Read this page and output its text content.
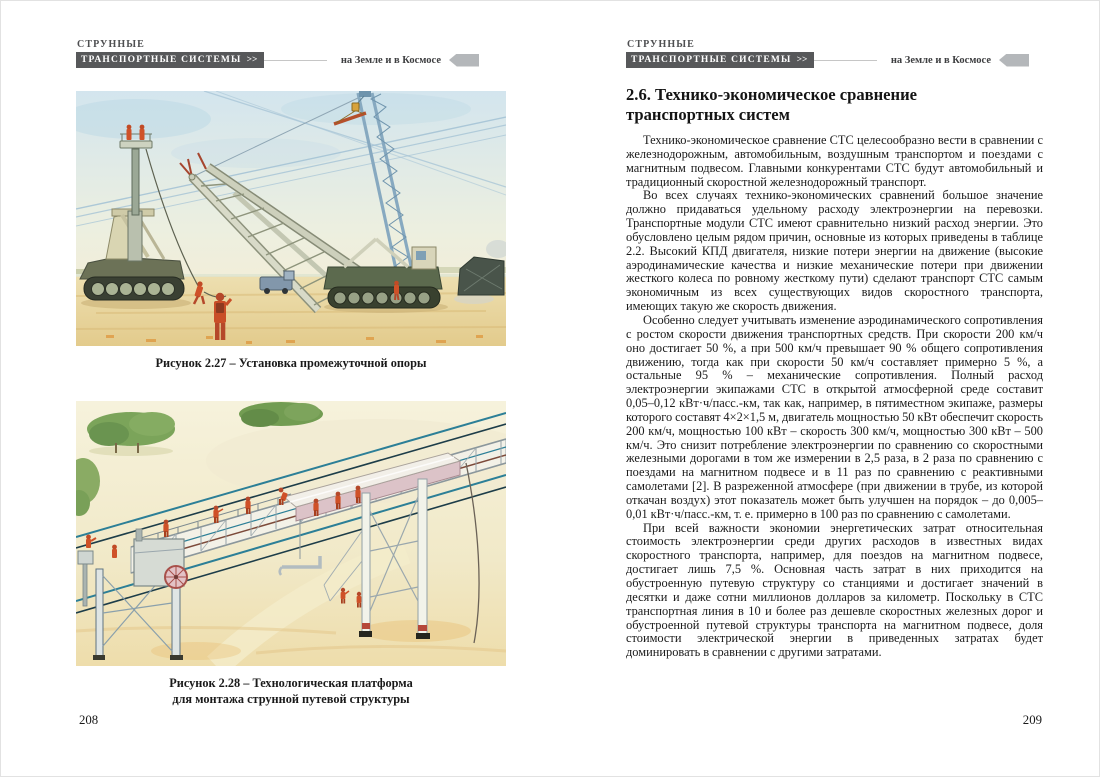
СТРУННЫЕ
ТРАНСПОРТНЫЕ СИСТЕМЫ >>	на Земле и в Космосе
Рисунок 2.27 – Установка промежуточной опоры
Рисунок 2.28 – Технологическая платформа
для монтажа струнной путевой структуры
208
СТРУННЫЕ
ТРАНСПОРТНЫЕ СИСТЕМЫ >>	на Земле и в Космосе
2.6. Технико-экономическое сравнение
транспортных систем

Технико-экономическое сравнение СТС целесообразно вести в сравнении с железнодорожным, автомобильным, воздушным транспортом и поездами с магнитным подвесом. Главными конкурентами СТС будут автомобильный и традиционный скоростной железнодорожный транспорт.

Во всех случаях технико-экономических сравнений большое значение должно придаваться удельному расходу электроэнергии на перевозки. Транспортные модули СТС имеют сравнительно низкий расход энергии. Это обусловлено целым рядом причин, основные из которых приведены в таблице 2.2. Высокий КПД двигателя, низкие потери энергии на движение (высокие аэродинамические качества и низкие механические потери при движении жесткого колеса по ровному жесткому пути) сделают транспорт СТС самым экономичным из всех существующих видов скоростного транспорта, имеющих такую же скорость движения.

Особенно следует учитывать изменение аэродинамического сопротивления с ростом скорости движения транспортных средств. При скорости 200 км/ч оно достигает 50 %, а при 500 км/ч превышает 90 % общего сопротивления движению, тогда как при скорости 50 км/ч составляет примерно 5 %, а остальные 95 % – механические сопротивления. Полный расход электроэнергии экипажами СТС в открытой атмосферной среде составит 0,05–0,12 кВт·ч/пасс.-км, так как, например, в пятиместном экипаже, размеры которого составят 4×2×1,5 м, двигатель мощностью 50 кВт обеспечит скорость 200 км/ч, мощностью 100 кВт – скорость 300 км/ч, мощностью 300 кВт – 500 км/ч. Это снизит потребление электроэнергии по сравнению со скоростными железными дорогами в том же измерении в 2,5 раза, в 2 раза по сравнению с поездами на магнитном подвесе и в 11 раз по сравнению с реактивными самолетами [2]. В разреженной атмосфере (при движении в трубе, из которой откачан воздух) этот показатель может быть улучшен на порядок – до 0,005–0,01 кВт·ч/пасс.-км, т. е. примерно в 100 раз по сравнению с самолетами.

При всей важности экономии энергетических затрат относительная стоимость электроэнергии среди других расходов в известных видах скоростного транспорта, например, для поездов на магнитном подвесе, достигает лишь 7,5 %. Основная часть затрат в них приходится на обустроенную путевую структуру со станциями и достигает значений в десятки и даже сотни миллионов долларов за километр. Поскольку в СТС транспортная линия в 10 и более раз дешевле скоростных железных дорог и обустроенной путевой структуры транспорта на магнитном подвесе, доля стоимости электрической энергии в приведенных затратах будет доминировать в сравнении с другими затратами.

209
